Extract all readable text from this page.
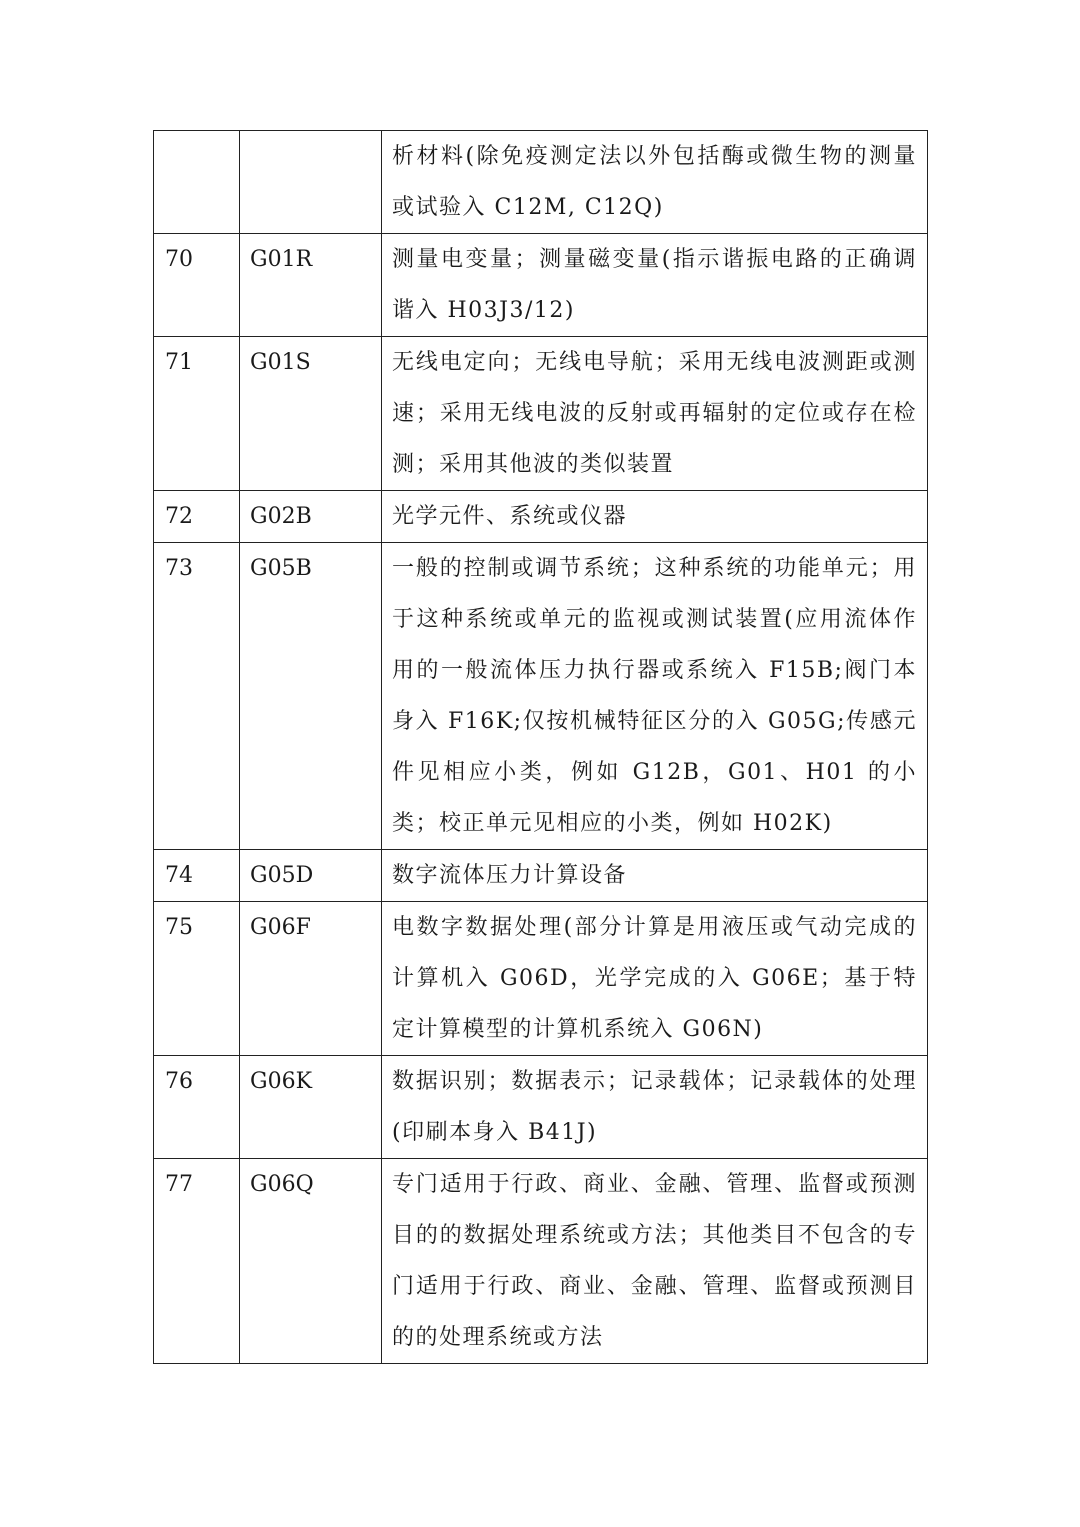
		析材料(除免疫测定法以外包括酶或微生物的测量或试验入 C12M, C12Q)
70	G01R	测量电变量；测量磁变量(指示谐振电路的正确调谐入 H03J3/12)
71	G01S	无线电定向；无线电导航；采用无线电波测距或测速；采用无线电波的反射或再辐射的定位或存在检测；采用其他波的类似装置
72	G02B	光学元件、系统或仪器
73	G05B	一般的控制或调节系统；这种系统的功能单元；用于这种系统或单元的监视或测试装置(应用流体作用的一般流体压力执行器或系统入 F15B;阀门本身入 F16K;仅按机械特征区分的入 G05G;传感元件见相应小类，例如 G12B，G01、H01 的小类；校正单元见相应的小类，例如 H02K)
74	G05D	数字流体压力计算设备
75	G06F	电数字数据处理(部分计算是用液压或气动完成的计算机入 G06D，光学完成的入 G06E；基于特定计算模型的计算机系统入 G06N)
76	G06K	数据识别；数据表示；记录载体；记录载体的处理(印刷本身入 B41J)
77	G06Q	专门适用于行政、商业、金融、管理、监督或预测目的的数据处理系统或方法；其他类目不包含的专门适用于行政、商业、金融、管理、监督或预测目的的处理系统或方法
